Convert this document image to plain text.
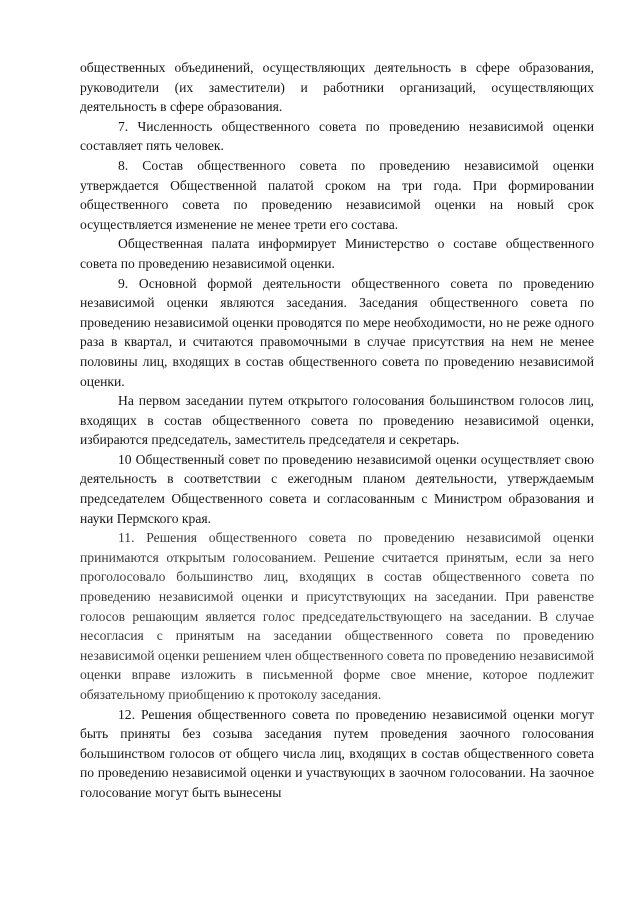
общественных объединений, осуществляющих деятельность в сфере образования, руководители (их заместители) и работники организаций, осуществляющих деятельность в сфере образования.

7. Численность общественного совета по проведению независимой оценки составляет пять человек.

8. Состав общественного совета по проведению независимой оценки утверждается Общественной палатой сроком на три года. При формировании общественного совета по проведению независимой оценки на новый срок осуществляется изменение не менее трети его состава.

Общественная палата информирует Министерство о составе общественного совета по проведению независимой оценки.

9. Основной формой деятельности общественного совета по проведению независимой оценки являются заседания. Заседания общественного совета по проведению независимой оценки проводятся по мере необходимости, но не реже одного раза в квартал, и считаются правомочными в случае присутствия на нем не менее половины лиц, входящих в состав общественного совета по проведению независимой оценки.

На первом заседании путем открытого голосования большинством голосов лиц, входящих в состав общественного совета по проведению независимой оценки, избираются председатель, заместитель председателя и секретарь.

10 Общественный совет по проведению независимой оценки осуществляет свою деятельность в соответствии с ежегодным планом деятельности, утверждаемым председателем Общественного совета и согласованным с Министром образования и науки Пермского края.

11. Решения общественного совета по проведению независимой оценки принимаются открытым голосованием. Решение считается принятым, если за него проголосовало большинство лиц, входящих в состав общественного совета по проведению независимой оценки и присутствующих на заседании. При равенстве голосов решающим является голос председательствующего на заседании. В случае несогласия с принятым на заседании общественного совета по проведению независимой оценки решением член общественного совета по проведению независимой оценки вправе изложить в письменной форме свое мнение, которое подлежит обязательному приобщению к протоколу заседания.

12. Решения общественного совета по проведению независимой оценки могут быть приняты без созыва заседания путем проведения заочного голосования большинством голосов от общего числа лиц, входящих в состав общественного совета по проведению независимой оценки и участвующих в заочном голосовании. На заочное голосование могут быть вынесены
